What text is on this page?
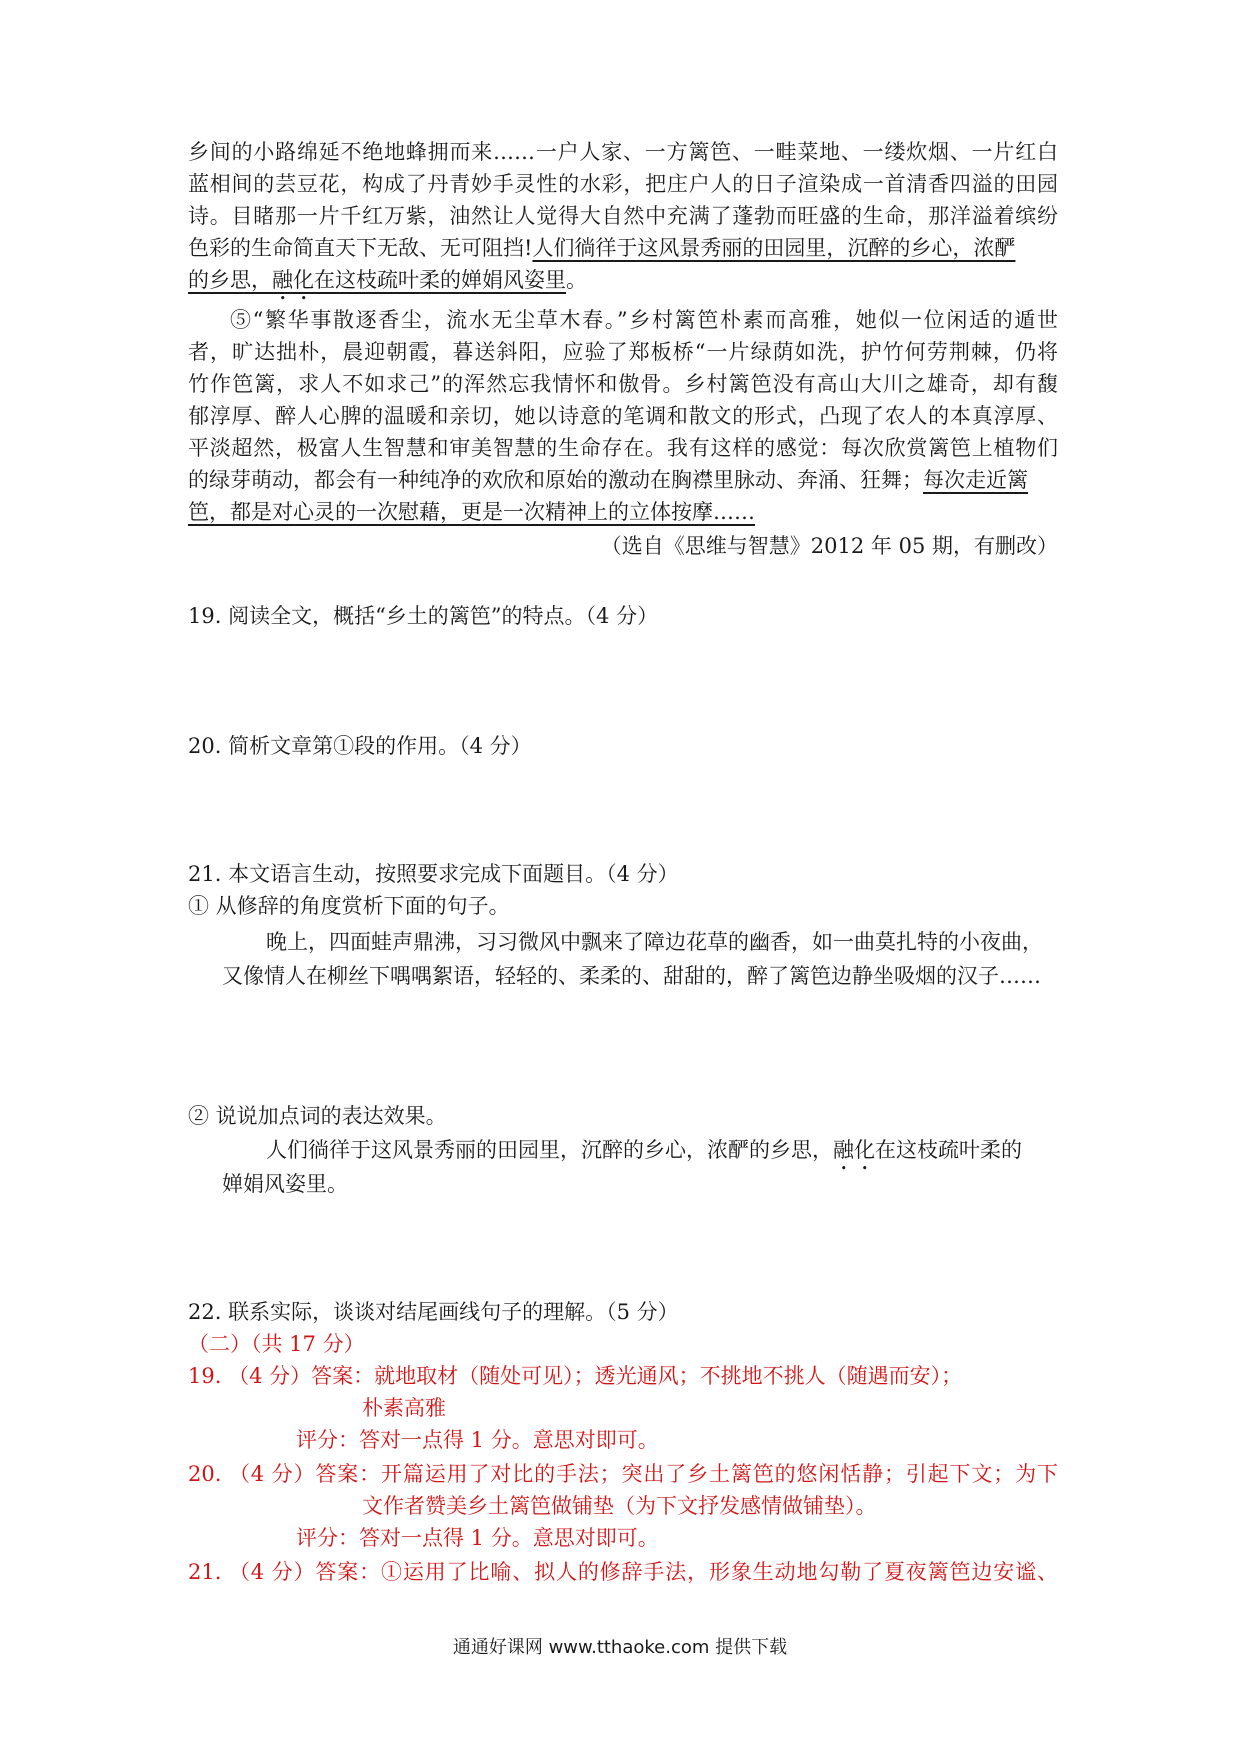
乡间的小路绵延不绝地蜂拥而来……一户人家、一方篱笆、一畦菜地、一缕炊烟、一片红白
蓝相间的芸豆花，构成了丹青妙手灵性的水彩，把庄户人的日子渲染成一首清香四溢的田园
诗。目睹那一片千红万紫，油然让人觉得大自然中充满了蓬勃而旺盛的生命，那洋溢着缤纷
色彩的生命简直天下无敌、无可阻挡!人们徜徉于这风景秀丽的田园里，沉醉的乡心，浓酽
的乡思，融化在这枝疏叶柔的婵娟风姿里。
⑤“繁华事散逐香尘，流水无尘草木春。”乡村篱笆朴素而高雅，她似一位闲适的遁世
者，旷达拙朴，晨迎朝霞，暮送斜阳，应验了郑板桥“一片绿荫如洗，护竹何劳荆棘，仍将
竹作笆篱，求人不如求己”的浑然忘我情怀和傲骨。乡村篱笆没有高山大川之雄奇，却有馥
郁淳厚、醉人心脾的温暖和亲切，她以诗意的笔调和散文的形式，凸现了农人的本真淳厚、
平淡超然，极富人生智慧和审美智慧的生命存在。我有这样的感觉：每次欣赏篱笆上植物们
的绿芽萌动，都会有一种纯净的欢欣和原始的激动在胸襟里脉动、奔涌、狂舞；每次走近篱
笆，都是对心灵的一次慰藉，更是一次精神上的立体按摩……
（选自《思维与智慧》2012 年 05 期，有删改）
19. 阅读全文，概括“乡土的篱笆”的特点。（4 分）
20. 简析文章第①段的作用。（4 分）
21. 本文语言生动，按照要求完成下面题目。（4 分）
① 从修辞的角度赏析下面的句子。
晚上，四面蛙声鼎沸，习习微风中飘来了障边花草的幽香，如一曲莫扎特的小夜曲，
又像情人在柳丝下喁喁絮语，轻轻的、柔柔的、甜甜的，醉了篱笆边静坐吸烟的汉子……
② 说说加点词的表达效果。
人们徜徉于这风景秀丽的田园里，沉醉的乡心，浓酽的乡思，融化在这枝疏叶柔的
婵娟风姿里。
22. 联系实际，谈谈对结尾画线句子的理解。（5 分）
（二）（共 17 分）
19. （4 分）答案：就地取材（随处可见）；透光通风；不挑地不挑人（随遇而安）；
朴素高雅
评分：答对一点得 1 分。意思对即可。
20. （4 分）答案：开篇运用了对比的手法；突出了乡土篱笆的悠闲恬静；引起下文；为下
文作者赞美乡土篱笆做铺垫（为下文抒发感情做铺垫）。
评分：答对一点得 1 分。意思对即可。
21. （4 分）答案：①运用了比喻、拟人的修辞手法，形象生动地勾勒了夏夜篱笆边安谧、
通通好课网 www.tthaoke.com 提供下载
